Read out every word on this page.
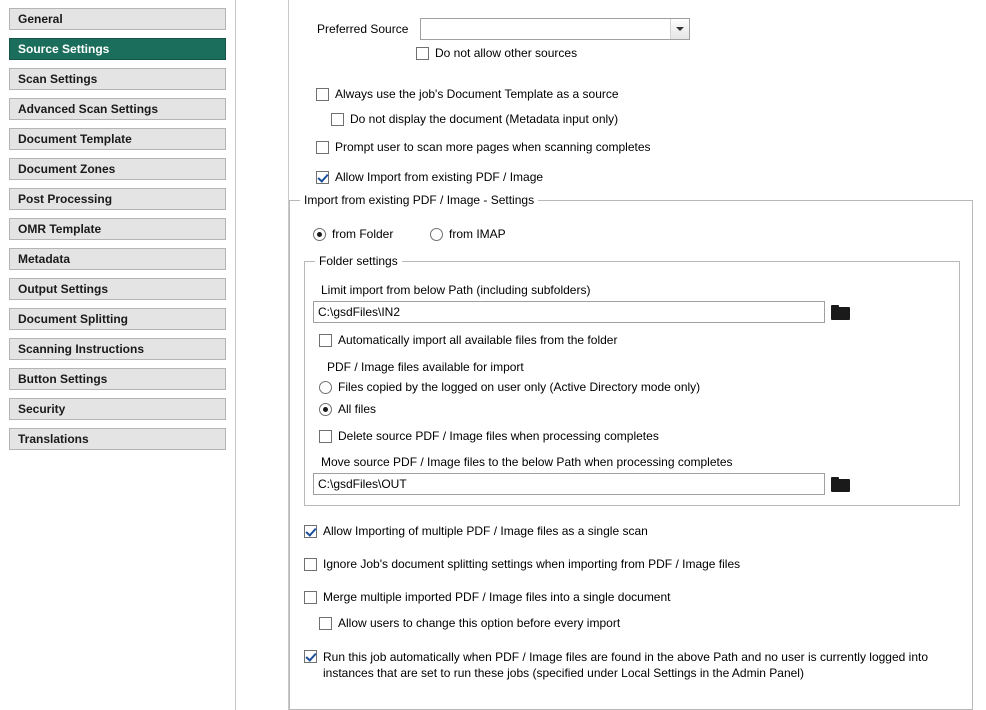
General
Source Settings
Scan Settings
Advanced Scan Settings
Document Template
Document Zones
Post Processing
OMR Template
Metadata
Output Settings
Document Splitting
Scanning Instructions
Button Settings
Security
Translations
Preferred Source
Do not allow other sources
Always use the job's Document Template as a source
Do not display the document (Metadata input only)
Prompt user to scan more pages when scanning completes
Allow Import from existing PDF / Image
Import from existing PDF / Image - Settings
from Folder	from IMAP
Folder settings
Limit import from below Path (including subfolders)
C:\gsdFiles\IN2
Automatically import all available files from the folder
PDF / Image files available for import
Files copied by the logged on user only (Active Directory mode only)
All files
Delete source PDF / Image files when processing completes
Move source PDF / Image files to the below Path when processing completes
C:\gsdFiles\OUT
Allow Importing of multiple PDF / Image files as a single scan
Ignore Job's document splitting settings when importing from PDF / Image files
Merge multiple imported PDF / Image files into a single document
Allow users to change this option before every import
Run this job automatically when PDF / Image files are found in the above Path and no user is currently logged into instances that are set to run these jobs (specified under Local Settings in the Admin Panel)
